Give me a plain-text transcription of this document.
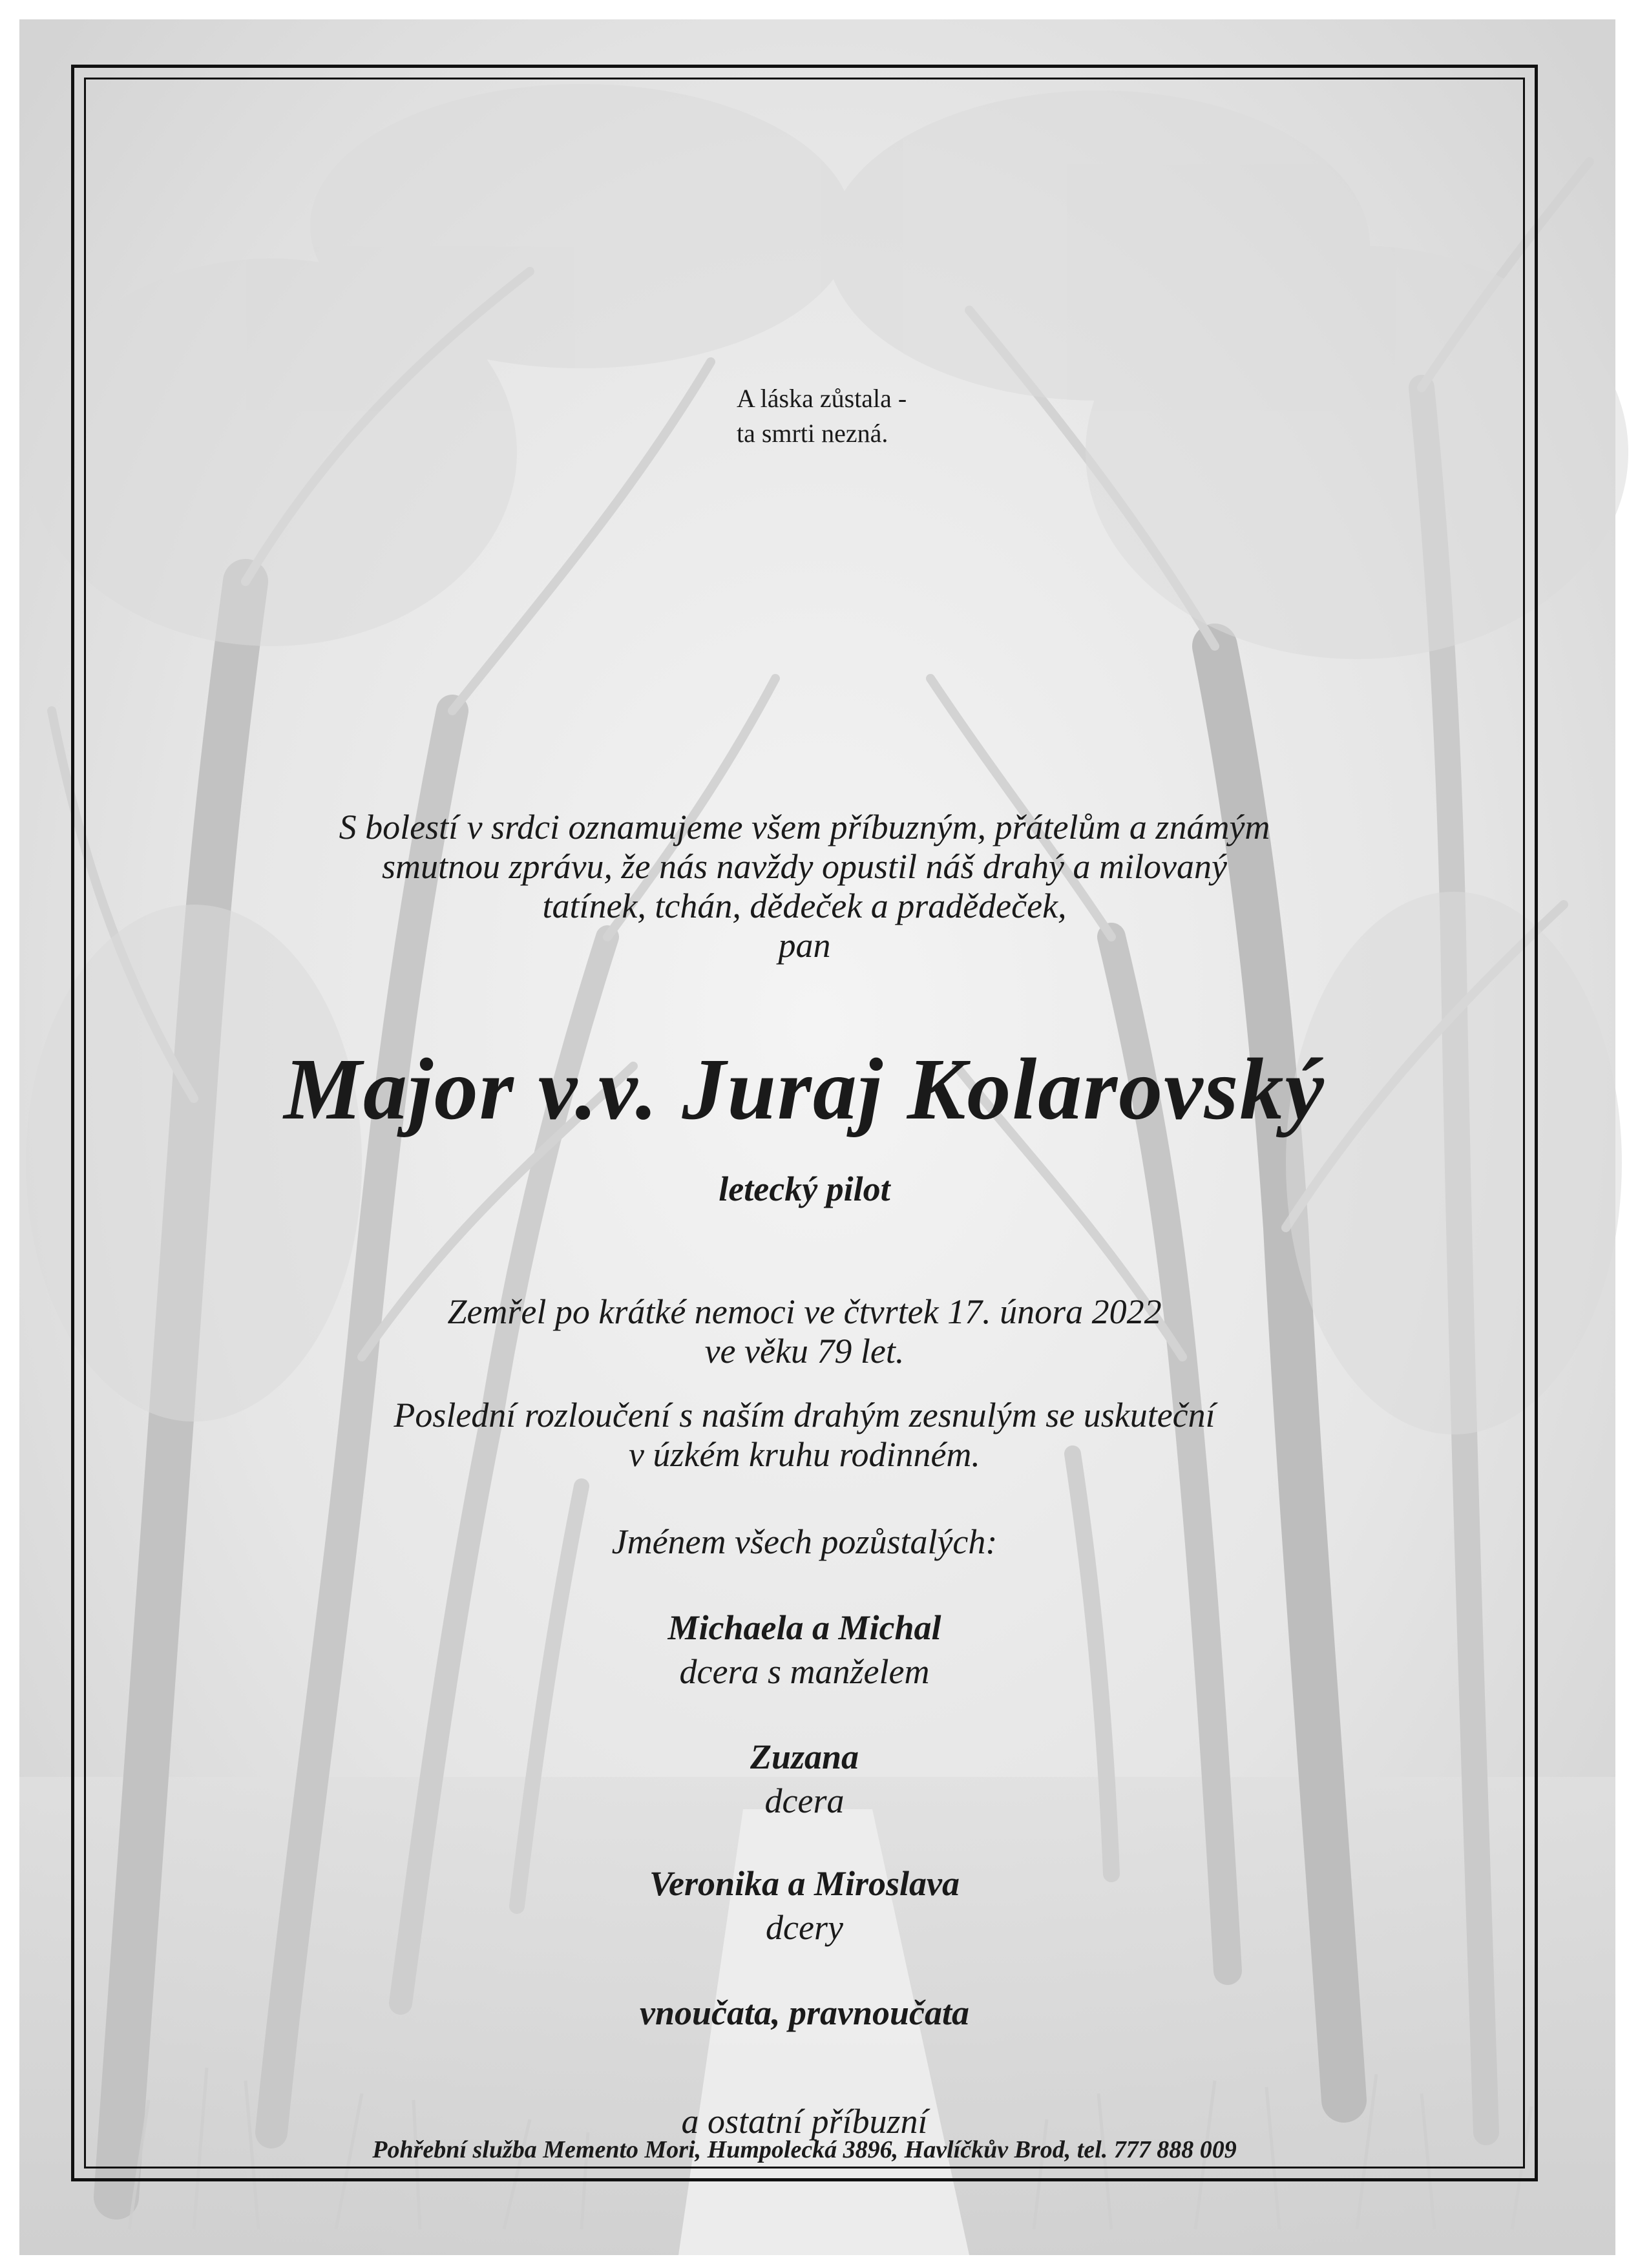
A láska zůstala -
ta smrti nezná.
S bolestí v srdci oznamujeme všem příbuzným, přátelům a známým
smutnou zprávu, že nás navždy opustil náš drahý a milovaný
tatínek, tchán, dědeček a pradědeček,
pan
Major v.v. Juraj Kolarovský
letecký pilot
Zemřel po krátké nemoci ve čtvrtek 17. února 2022
ve věku 79 let.
Poslední rozloučení s naším drahým zesnulým se uskuteční
v úzkém kruhu rodinném.
Jménem všech pozůstalých:
Michaela a Michal
dcera s manželem
Zuzana
dcera
Veronika a Miroslava
dcery
vnoučata, pravnoučata
a ostatní příbuzní
Pohřební služba Memento Mori, Humpolecká 3896, Havlíčkův Brod, tel. 777 888 009
